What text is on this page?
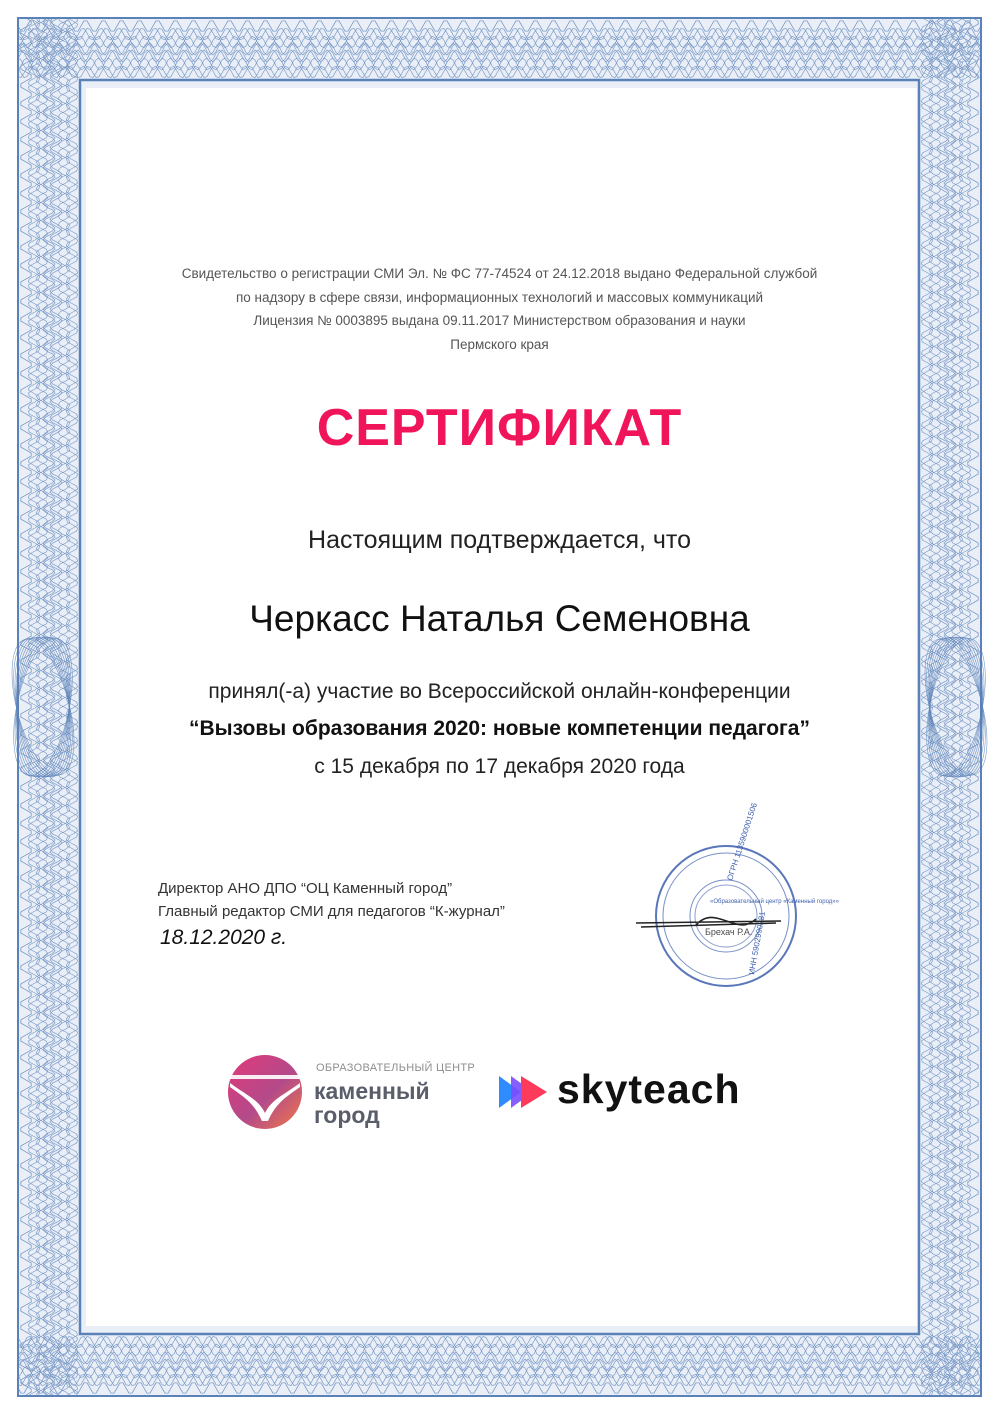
Свидетельство о регистрации СМИ Эл. № ФС 77-74524 от 24.12.2018 выдано Федеральной службой
по надзору в сфере связи, информационных технологий и массовых коммуникаций
Лицензия № 0003895 выдана 09.11.2017 Министерством образования и науки
Пермского края
СЕРТИФИКАТ
Настоящим подтверждается, что
Черкасс Наталья Семеновна
принял(-а) участие во Всероссийской онлайн-конференции
“Вызовы образования 2020: новые компетенции педагога”
с 15 декабря по 17 декабря 2020 года
Директор АНО ДПО “ОЦ Каменный город”
Главный редактор СМИ для педагогов “К-журнал”
18.12.2020 г.
ОГРН 1135900001506
ИНН 5902990281
«Образовательный центр «Каменный город»»
Брехач Р.А.
ОБРАЗОВАТЕЛЬНЫЙ ЦЕНТР
каменный
город
skyteach
